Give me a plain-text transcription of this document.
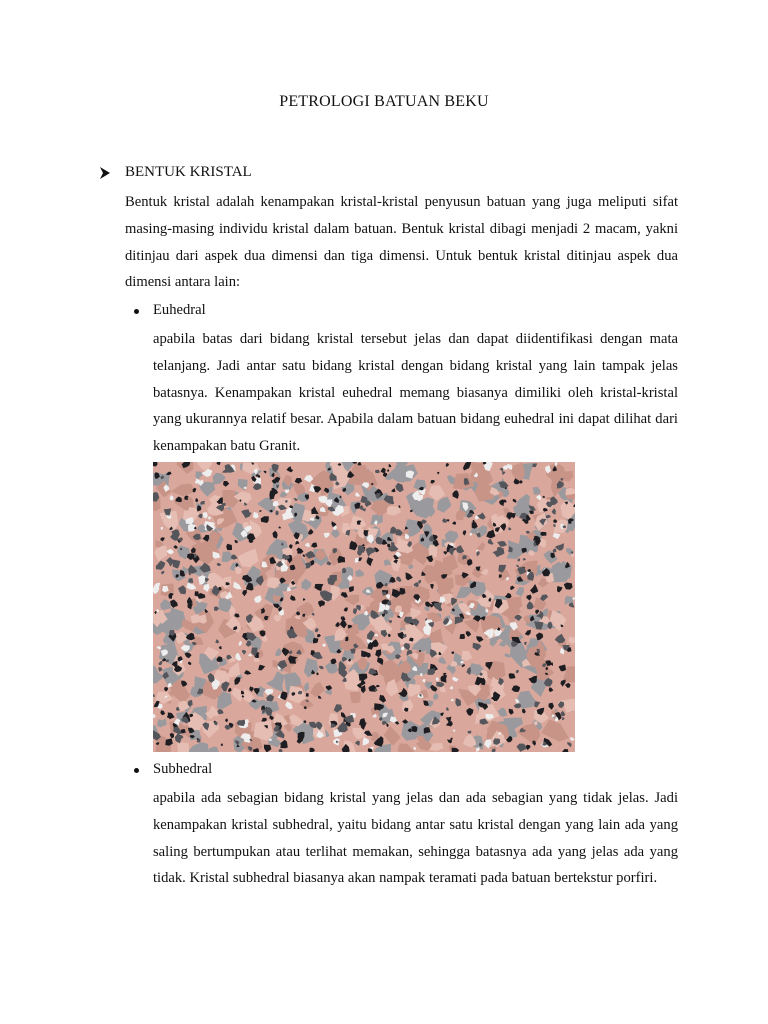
PETROLOGI BATUAN BEKU
BENTUK KRISTAL

Bentuk kristal adalah kenampakan kristal-kristal penyusun batuan yang juga meliputi sifat masing-masing individu kristal dalam batuan. Bentuk kristal dibagi menjadi 2 macam, yakni ditinjau dari aspek dua dimensi dan tiga dimensi. Untuk bentuk kristal ditinjau aspek dua dimensi antara lain:

Euhedral

apabila batas dari bidang kristal tersebut jelas dan dapat diidentifikasi dengan mata telanjang. Jadi antar satu bidang kristal dengan bidang kristal yang lain tampak jelas batasnya. Kenampakan kristal euhedral memang biasanya dimiliki oleh kristal-kristal yang ukurannya relatif besar. Apabila dalam batuan bidang euhedral ini dapat dilihat dari kenampakan batu Granit.

Subhedral

apabila ada sebagian bidang kristal yang jelas dan ada sebagian yang tidak jelas. Jadi kenampakan kristal subhedral, yaitu bidang antar satu kristal dengan yang lain ada yang saling bertumpukan atau terlihat memakan, sehingga batasnya ada yang jelas ada yang tidak. Kristal subhedral biasanya akan nampak teramati pada batuan bertekstur porfiri.
